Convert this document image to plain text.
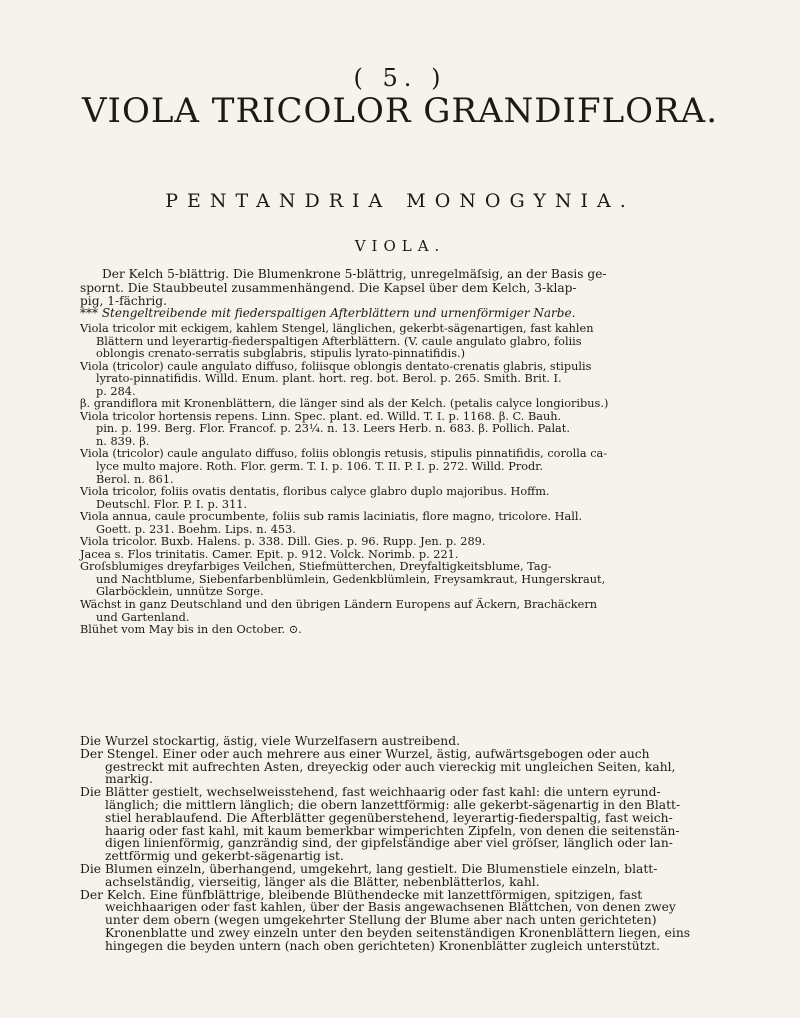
( 5. )
VIOLA TRICOLOR GRANDIFLORA.
PENTANDRIA MONOGYNIA.
VIOLA.

Der Kelch 5-blättrig. Die Blumenkrone 5-blättrig, unregelmäſsig, an der Basis ge-

spornt. Die Staubbeutel zusammenhängend. Die Kapsel über dem Kelch, 3-klap-

pig, 1-fächrig.

*** Stengeltreibende mit fiederspaltigen Afterblättern und urnenförmiger Narbe.

Viola tricolor mit eckigem, kahlem Stengel, länglichen, gekerbt-sägenartigen, fast kahlen

Blättern und leyerartig-fiederspaltigen Afterblättern. (V. caule angulato glabro, foliis

oblongis crenato-serratis subglabris, stipulis lyrato-pinnatifidis.)

Viola (tricolor) caule angulato diffuso, foliisque oblongis dentato-crenatis glabris, stipulis

lyrato-pinnatifidis. Willd. Enum. plant. hort. reg. bot. Berol. p. 265. Smith. Brit. I.

p. 284.

β. grandiflora mit Kronenblättern, die länger sind als der Kelch. (petalis calyce longioribus.)

Viola tricolor hortensis repens. Linn. Spec. plant. ed. Willd. T. I. p. 1168. β. C. Bauh.

pin. p. 199. Berg. Flor. Francof. p. 23¼. n. 13. Leers Herb. n. 683. β. Pollich. Palat.

n. 839. β.

Viola (tricolor) caule angulato diffuso, foliis oblongis retusis, stipulis pinnatifidis, corolla ca-

lyce multo majore. Roth. Flor. germ. T. I. p. 106. T. II. P. I. p. 272. Willd. Prodr.

Berol. n. 861.

Viola tricolor, foliis ovatis dentatis, floribus calyce glabro duplo majoribus. Hoffm.

Deutschl. Flor. P. I. p. 311.

Viola annua, caule procumbente, foliis sub ramis laciniatis, flore magno, tricolore. Hall.

Goett. p. 231. Boehm. Lips. n. 453.

Viola tricolor. Buxb. Halens. p. 338. Dill. Gies. p. 96. Rupp. Jen. p. 289.

Jacea s. Flos trinitatis. Camer. Epit. p. 912. Volck. Norimb. p. 221.

Groſsblumiges dreyfarbiges Veilchen, Stiefmütterchen, Dreyfaltigkeitsblume, Tag-

und Nachtblume, Siebenfarbenblümlein, Gedenkblümlein, Freysamkraut, Hungerskraut,

Glarböcklein, unnütze Sorge.

Wächst in ganz Deutschland und den übrigen Ländern Europens auf Äckern, Brachäckern

und Gartenland.

Blühet vom May bis in den October. ⊙.

Die Wurzel stockartig, ästig, viele Wurzelfasern austreibend.

Der Stengel. Einer oder auch mehrere aus einer Wurzel, ästig, aufwärtsgebogen oder auch

gestreckt mit aufrechten Asten, dreyeckig oder auch viereckig mit ungleichen Seiten, kahl,

markig.

Die Blätter gestielt, wechselweisstehend, fast weichhaarig oder fast kahl: die untern eyrund-

länglich; die mittlern länglich; die obern lanzettförmig: alle gekerbt-sägenartig in den Blatt-

stiel herablaufend. Die Afterblätter gegenüberstehend, leyerartig-fiederspaltig, fast weich-

haarig oder fast kahl, mit kaum bemerkbar wimperichten Zipfeln, von denen die seitenstän-

digen linienförmig, ganzrändig sind, der gipfelständige aber viel gröſser, länglich oder lan-

zettförmig und gekerbt-sägenartig ist.

Die Blumen einzeln, überhangend, umgekehrt, lang gestielt. Die Blumenstiele einzeln, blatt-

achselständig, vierseitig, länger als die Blätter, nebenblätterlos, kahl.

Der Kelch. Eine fünfblättrige, bleibende Blüthendecke mit lanzettförmigen, spitzigen, fast

weichhaarigen oder fast kahlen, über der Basis angewachsenen Blättchen, von denen zwey

unter dem obern (wegen umgekehrter Stellung der Blume aber nach unten gerichteten)

Kronenblatte und zwey einzeln unter den beyden seitenständigen Kronenblättern liegen, eins

hingegen die beyden untern (nach oben gerichteten) Kronenblätter zugleich unterstützt.
